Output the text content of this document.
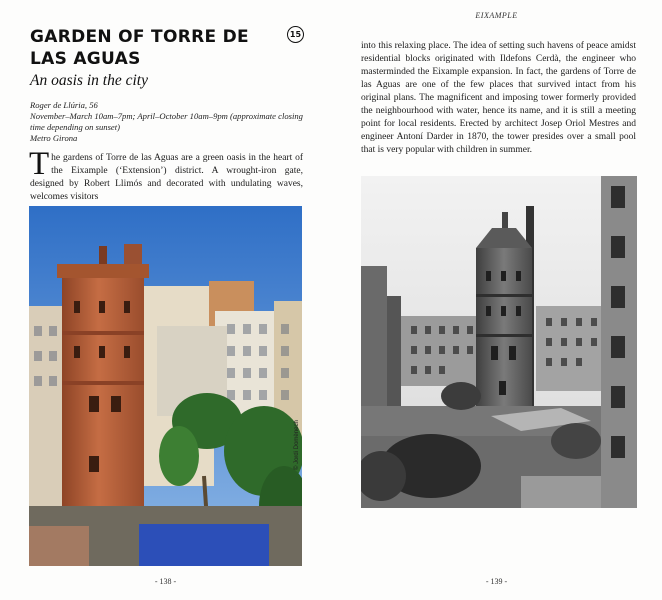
GARDEN OF TORRE DE LAS AGUAS
15
An oasis in the city
Roger de Llúria, 56
November–March 10am–7pm; April–October 10am–9pm (approximate closing time depending on sunset)
Metro Girona
The gardens of Torre de las Aguas are a green oasis in the heart of the Eixample (‘Extension’) district. A wrought-iron gate, designed by Robert Llimós and decorated with undulating waves, welcomes visitors
© Jordi Domènech
- 138 -
EIXAMPLE
into this relaxing place. The idea of setting such havens of peace amidst residential blocks originated with Ildefons Cerdà, the engineer who masterminded the Eixample expansion. In fact, the gardens of Torre de las Aguas are one of the few places that survived intact from his original plans. The magnificent and imposing tower formerly provided the neighbourhood with water, hence its name, and it is still a meeting point for local residents. Erected by architect Josep Oriol Mestres and engineer Antoní Darder in 1870, the tower presides over a small pool that is very popular with children in summer.
- 139 -
